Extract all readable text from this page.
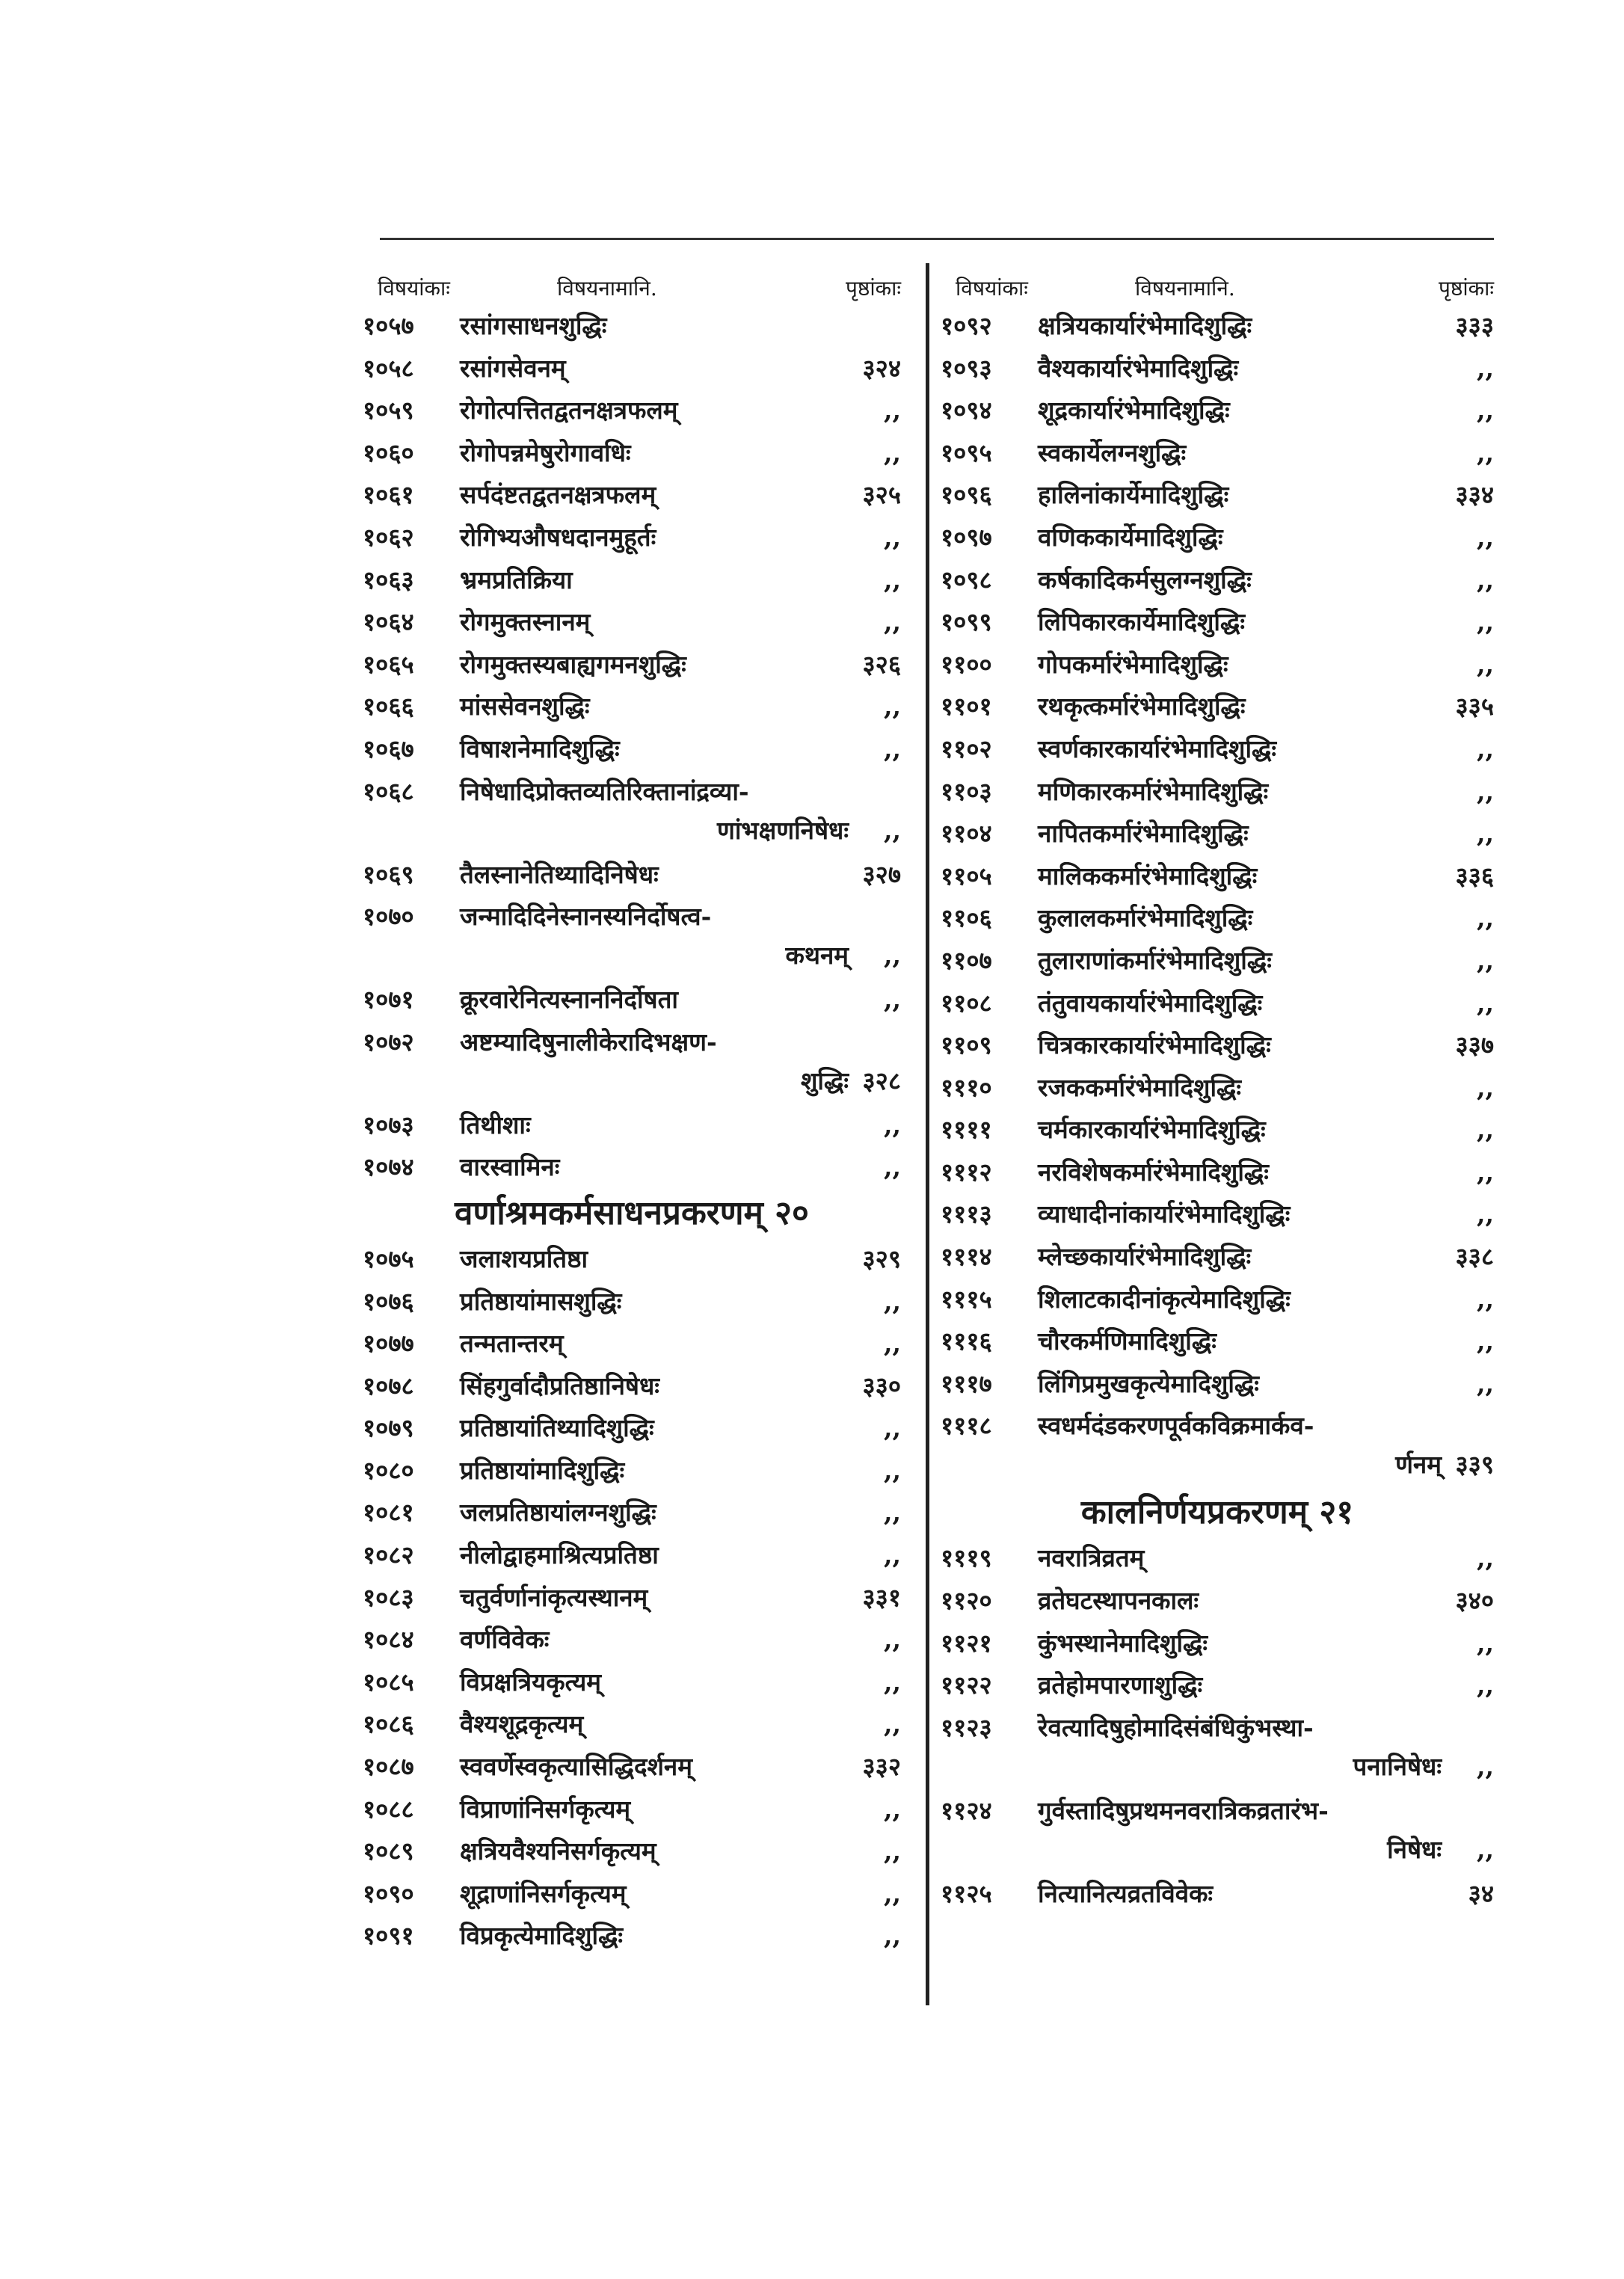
विषयांकाः	विषयनामानि.	पृष्ठांकाः
१०५७ रसांगसाधनशुद्धिः
१०५८ रसांगसेवनम्	३२४
१०५९ रोगोत्पत्तितद्वतनक्षत्रफलम्	,,
१०६० रोगोपन्नमेषुरोगावधिः	,,
१०६१ सर्पदंष्टतद्वतनक्षत्रफलम्	३२५
१०६२ रोगिभ्यऔषधदानमुहूर्तः	,,
१०६३ भ्रमप्रतिक्रिया	,,
१०६४ रोगमुक्तस्नानम्	,,
१०६५ रोगमुक्तस्यबाह्यगमनशुद्धिः	३२६
१०६६ मांससेवनशुद्धिः	,,
१०६७ विषाशनेमादिशुद्धिः	,,
१०६८ निषेधादिप्रोक्तव्यतिरिक्तानांद्रव्या-
णांभक्षणनिषेधः ,,
१०६९ तैलस्नानेतिथ्यादिनिषेधः	३२७
१०७० जन्मादिदिनेस्नानस्यनिर्दोषत्व-
कथनम् ,,
१०७१ क्रूरवारेनित्यस्नाननिर्दोषता	,,
१०७२ अष्टम्यादिषुनालीकेरादिभक्षण-
शुद्धिः ३२८
१०७३ तिथीशाः	,,
१०७४ वारस्वामिनः	,,
वर्णाश्रमकर्मसाधनप्रकरणम् २०
१०७५ जलाशयप्रतिष्ठा	३२९
१०७६ प्रतिष्ठायांमासशुद्धिः	,,
१०७७ तन्मतान्तरम्	,,
१०७८ सिंहगुर्वादौप्रतिष्ठानिषेधः	३३०
१०७९ प्रतिष्ठायांतिथ्यादिशुद्धिः	,,
१०८० प्रतिष्ठायांमादिशुद्धिः	,,
१०८१ जलप्रतिष्ठायांलग्नशुद्धिः	,,
१०८२ नीलोद्वाहमाश्रित्यप्रतिष्ठा	,,
१०८३ चतुर्वर्णानांकृत्यस्थानम्	३३१
१०८४ वर्णविवेकः	,,
१०८५ विप्रक्षत्रियकृत्यम्	,,
१०८६ वैश्यशूद्रकृत्यम्	,,
१०८७ स्ववर्णेस्वकृत्यासिद्धिदर्शनम्	३३२
१०८८ विप्राणांनिसर्गकृत्यम्	,,
१०८९ क्षत्रियवैश्यनिसर्गकृत्यम्	,,
१०९० शूद्राणांनिसर्गकृत्यम्	,,
१०९१ विप्रकृत्येमादिशुद्धिः	,,
विषयांकाः	विषयनामानि.	पृष्ठांकाः
१०९२ क्षत्रियकार्यारंभेमादिशुद्धिः	३३३
१०९३ वैश्यकार्यारंभेमादिशुद्धिः	,,
१०९४ शूद्रकार्यारंभेमादिशुद्धिः	,,
१०९५ स्वकार्येलग्नशुद्धिः	,,
१०९६ हालिनांकार्येमादिशुद्धिः	३३४
१०९७ वणिककार्येमादिशुद्धिः	,,
१०९८ कर्षकादिकर्मसुलग्नशुद्धिः	,,
१०९९ लिपिकारकार्येमादिशुद्धिः	,,
११०० गोपकर्मारंभेमादिशुद्धिः	,,
११०१ रथकृत्कर्मारंभेमादिशुद्धिः	३३५
११०२ स्वर्णकारकार्यारंभेमादिशुद्धिः	,,
११०३ मणिकारकर्मारंभेमादिशुद्धिः	,,
११०४ नापितकर्मारंभेमादिशुद्धिः	,,
११०५ मालिककर्मारंभेमादिशुद्धिः	३३६
११०६ कुलालकर्मारंभेमादिशुद्धिः	,,
११०७ तुलाराणांकर्मारंभेमादिशुद्धिः	,,
११०८ तंतुवायकार्यारंभेमादिशुद्धिः	,,
११०९ चित्रकारकार्यारंभेमादिशुद्धिः	३३७
१११० रजककर्मारंभेमादिशुद्धिः	,,
११११ चर्मकारकार्यारंभेमादिशुद्धिः	,,
१११२ नरविशेषकर्मारंभेमादिशुद्धिः	,,
१११३ व्याधादीनांकार्यारंभेमादिशुद्धिः	,,
१११४ म्लेच्छकार्यारंभेमादिशुद्धिः	३३८
१११५ शिलाटकादीनांकृत्येमादिशुद्धिः	,,
१११६ चौरकर्मणिमादिशुद्धिः	,,
१११७ लिंगिप्रमुखकृत्येमादिशुद्धिः	,,
१११८ स्वधर्मदंडकरणपूर्वकविक्रमार्कव-
र्णनम् ३३९
कालनिर्णयप्रकरणम् २१
१११९ नवरात्रिव्रतम्	,,
११२० व्रतेघटस्थापनकालः	३४०
११२१ कुंभस्थानेमादिशुद्धिः	,,
११२२ व्रतेहोमपारणाशुद्धिः	,,
११२३ रेवत्यादिषुहोमादिसंबंधिकुंभस्था-
पनानिषेधः ,,
११२४ गुर्वस्तादिषुप्रथमनवरात्रिकव्रतारंभ-
निषेधः ,,
११२५ नित्यानित्यव्रतविवेकः	३४
